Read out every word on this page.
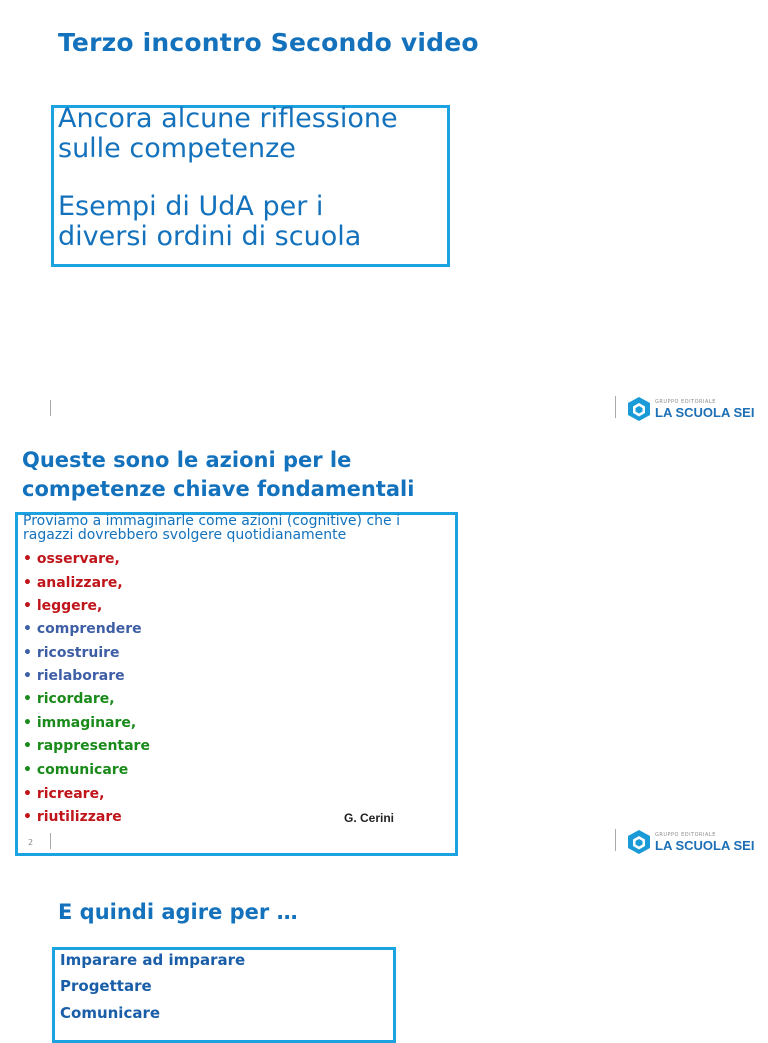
Terzo incontro Secondo video
Ancora alcune riflessione
sulle competenze
Esempi di UdA per i
diversi ordini di scuola
GRUPPO EDITORIALE
LA SCUOLA SEI
Queste sono le azioni per le
competenze chiave fondamentali
Proviamo a immaginarle come azioni (cognitive) che i ragazzi dovrebbero svolgere quotidianamente
• osservare,
• analizzare,
• leggere,
• comprendere
• ricostruire
• rielaborare
• ricordare,
• immaginare,
• rappresentare
• comunicare
• ricreare,
• riutilizzare	G. Cerini
2
GRUPPO EDITORIALE
LA SCUOLA SEI
E quindi agire per …
Imparare ad imparare
Progettare
Comunicare
